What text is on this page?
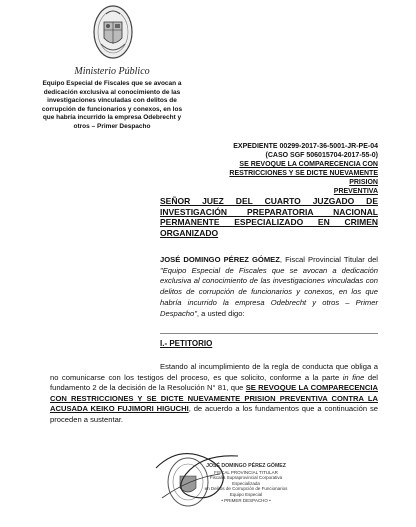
Ministerio Público
Equipo Especial de Fiscales que se avocan a
dedicación exclusiva al conocimiento de las
investigaciones vinculadas con delitos de
corrupción de funcionarios y conexos, en los
que habría incurrido la empresa Odebrecht y
otros – Primer Despacho
EXPEDIENTE 00299-2017-36-5001-JR-PE-04
(CASO SGF 506015704-2017-55-0)
SE REVOQUE LA COMPARECENCIA CON
RESTRICCIONES Y SE DICTE NUEVAMENTE PRISION
PREVENTIVA
SEÑOR JUEZ DEL CUARTO JUZGADO DE INVESTIGACIÓN PREPARATORIA NACIONAL PERMANENTE ESPECIALIZADO EN CRIMEN ORGANIZADO
JOSÉ DOMINGO PÉREZ GÓMEZ, Fiscal Provincial Titular del "Equipo Especial de Fiscales que se avocan a dedicación exclusiva al conocimiento de las investigaciones vinculadas con delitos de corrupción de funcionarios y conexos, en los que habría incurrido la empresa Odebrecht y otros – Primer Despacho", a usted digo:
I.- PETITORIO
Estando al incumplimiento de la regla de conducta que obliga a no comunicarse con los testigos del proceso, es que solicito, conforme a la parte in fine del fundamento 2 de la decisión de la Resolución N° 81, que SE REVOQUE LA COMPARECENCIA CON RESTRICCIONES Y SE DICTE NUEVAMENTE PRISION PREVENTIVA CONTRA LA ACUSADA KEIKO FUJIMORI HIGUCHI, de acuerdo a los fundamentos que a continuación se proceden a sustentar.
JOSÉ DOMINGO PÉREZ GÓMEZ
FISCAL PROVINCIAL TITULAR
Fiscalía Supraprovincial Corporativa Especializada
en Delitos de Corrupción de Funcionarios
Equipo Especial
• PRIMER DESPACHO •
